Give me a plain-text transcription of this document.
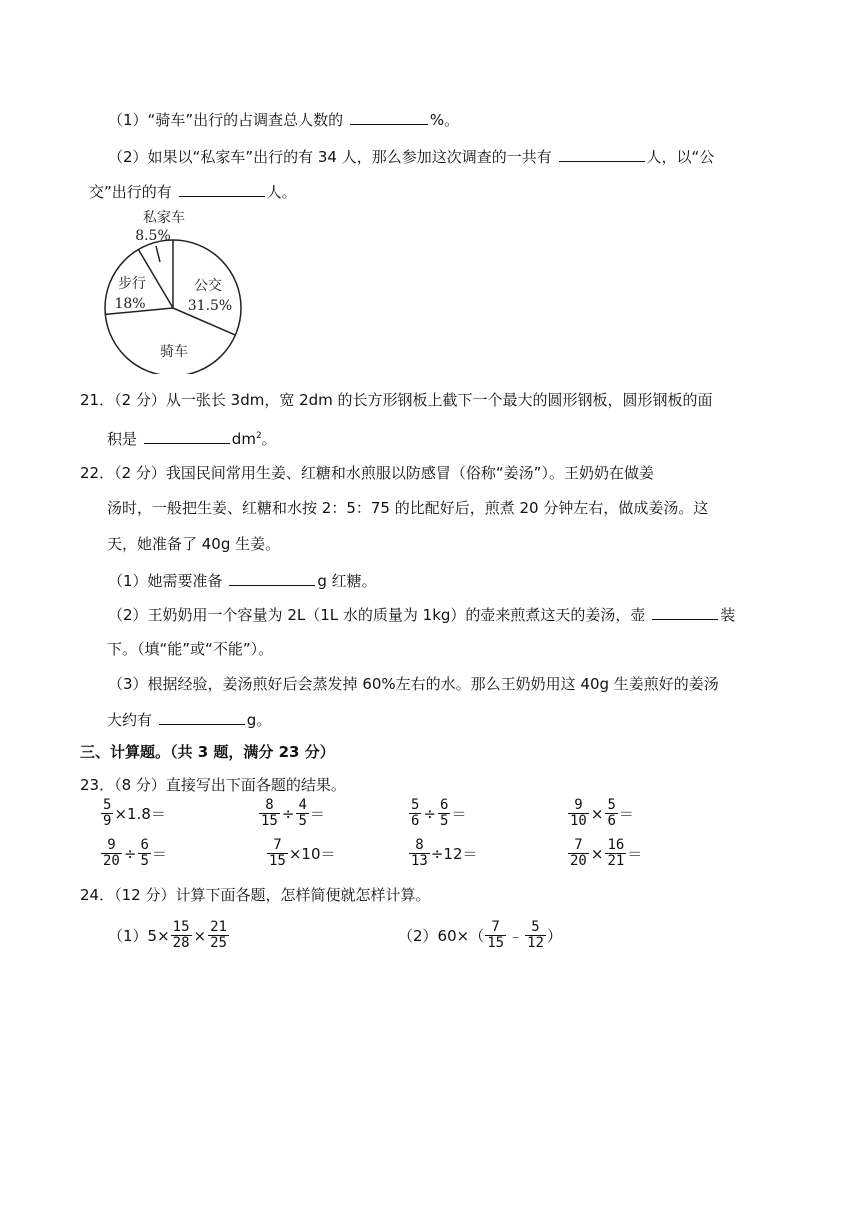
（1）“骑车”出行的占调查总人数的	%。
（2）如果以“私家车”出行的有 34 人，那么参加这次调查的一共有	人，以“公
交”出行的有	人。
私家车
8.5%
公交
31.5%
步行
18%
骑车
21．（2 分）从一张长 3dm，宽 2dm 的长方形钢板上截下一个最大的圆形钢板，圆形钢板的面
积是	$dm^2$。
22．（2 分）我国民间常用生姜、红糖和水煎服以防感冒（俗称“姜汤”）。王奶奶在做姜
汤时，一般把生姜、红糖和水按 2：5：75 的比配好后，煎煮 20 分钟左右，做成姜汤。这
天，她准备了 40g 生姜。
（1）她需要准备	g 红糖。
（2）王奶奶用一个容量为 2L（1L 水的质量为 1kg）的壶来煎煮这天的姜汤，壶	装
下。（填“能”或“不能”）。
（3）根据经验，姜汤煎好后会蒸发掉 60%左右的水。那么王奶奶用这 40g 生姜煎好的姜汤
大约有	g。
三、计算题。（共 3 题，满分 23 分）
23．（8 分）直接写出下面各题的结果。
$\frac{5}{9} \times 1.8=$	$\frac{8}{15} \div \frac{4}{5}$ ＝	$\frac{5}{6} \div \frac{6}{5}$ ＝	$\frac{9}{10} \times \frac{5}{6}$ ＝
$\frac{9}{20} \div \frac{6}{5}$ ＝	$\frac{7}{15} \times 10=$	$\frac{8}{13} \div 12=$	$\frac{7}{20} \times \frac{16}{21}$ ＝
24．（12 分）计算下面各题，怎样简便就怎样计算。
$(1)5\times \frac{15}{28} \times \frac{21}{25}$	$(2)60\times( \frac{7}{15}$ ﹣ $\frac{5}{12}$ ）
